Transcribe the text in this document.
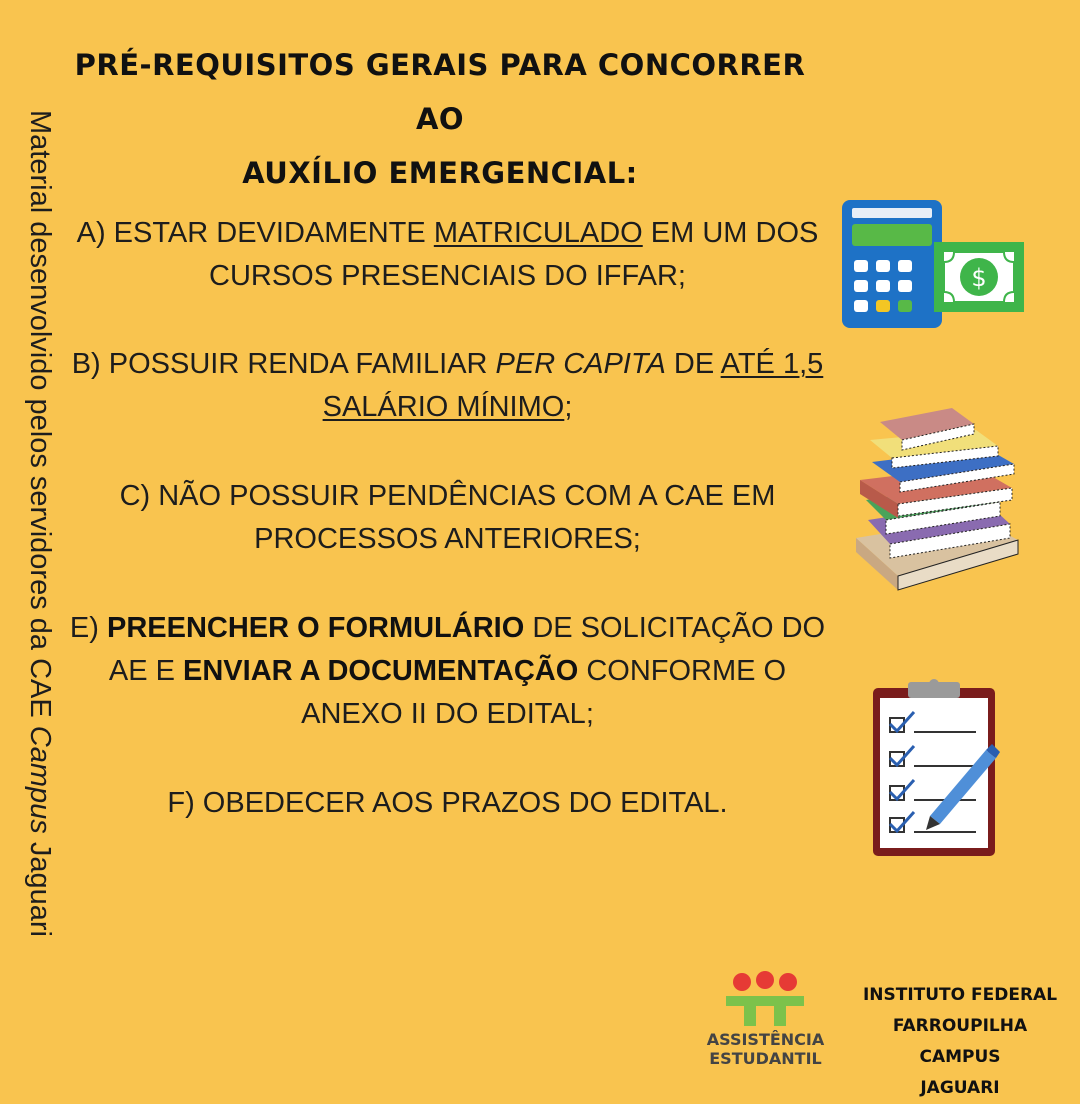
PRÉ-REQUISITOS GERAIS PARA CONCORRER AO
AUXÍLIO EMERGENCIAL:
A) ESTAR DEVIDAMENTE MATRICULADO EM UM DOS CURSOS PRESENCIAIS DO IFFAR;
B) POSSUIR RENDA FAMILIAR PER CAPITA DE ATÉ 1,5 SALÁRIO MÍNIMO;
C) NÃO POSSUIR PENDÊNCIAS COM A CAE EM PROCESSOS ANTERIORES;
E) PREENCHER O FORMULÁRIO DE SOLICITAÇÃO DO AE E ENVIAR A DOCUMENTAÇÃO CONFORME O ANEXO II DO EDITAL;
F) OBEDECER AOS PRAZOS DO EDITAL.
Material desenvolvido pelos servidores da CAE Campus Jaguari
$
ASSISTÊNCIA
ESTUDANTIL
INSTITUTO FEDERAL
FARROUPILHA CAMPUS
JAGUARI
